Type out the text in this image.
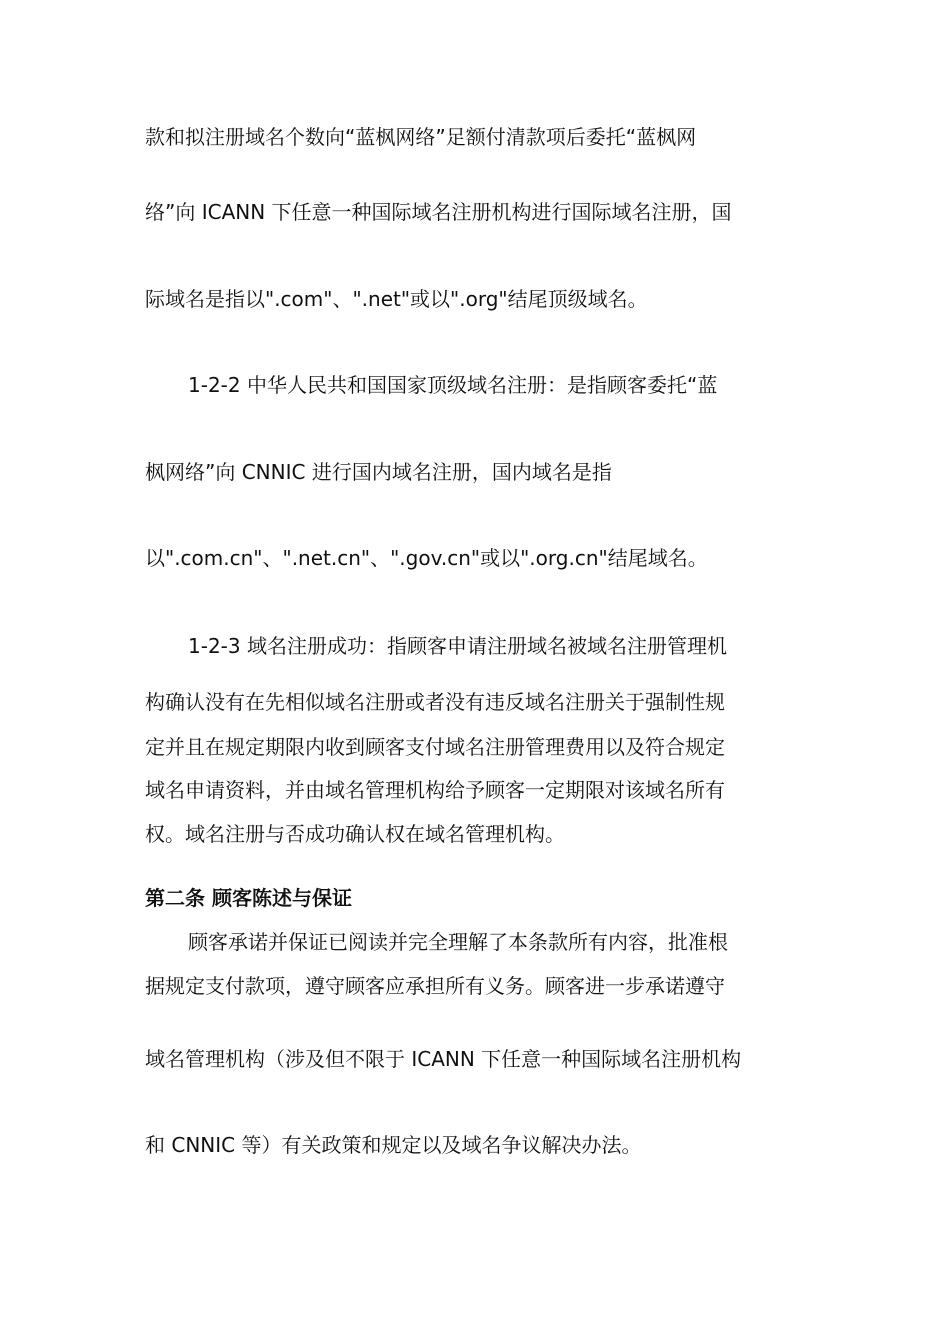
款和拟注册域名个数向“蓝枫网络”足额付清款项后委托“蓝枫网
络”向 ICANN 下任意一种国际域名注册机构进行国际域名注册，国
际域名是指以".com"、".net"或以".org"结尾顶级域名。
1-2-2 中华人民共和国国家顶级域名注册：是指顾客委托“蓝
枫网络”向 CNNIC 进行国内域名注册，国内域名是指
以".com.cn"、".net.cn"、".gov.cn"或以".org.cn"结尾域名。
1-2-3 域名注册成功：指顾客申请注册域名被域名注册管理机
构确认没有在先相似域名注册或者没有违反域名注册关于强制性规
定并且在规定期限内收到顾客支付域名注册管理费用以及符合规定
域名申请资料，并由域名管理机构给予顾客一定期限对该域名所有
权。域名注册与否成功确认权在域名管理机构。
第二条 顾客陈述与保证
顾客承诺并保证已阅读并完全理解了本条款所有内容，批准根
据规定支付款项，遵守顾客应承担所有义务。顾客进一步承诺遵守
域名管理机构（涉及但不限于 ICANN 下任意一种国际域名注册机构
和 CNNIC 等）有关政策和规定以及域名争议解决办法。
